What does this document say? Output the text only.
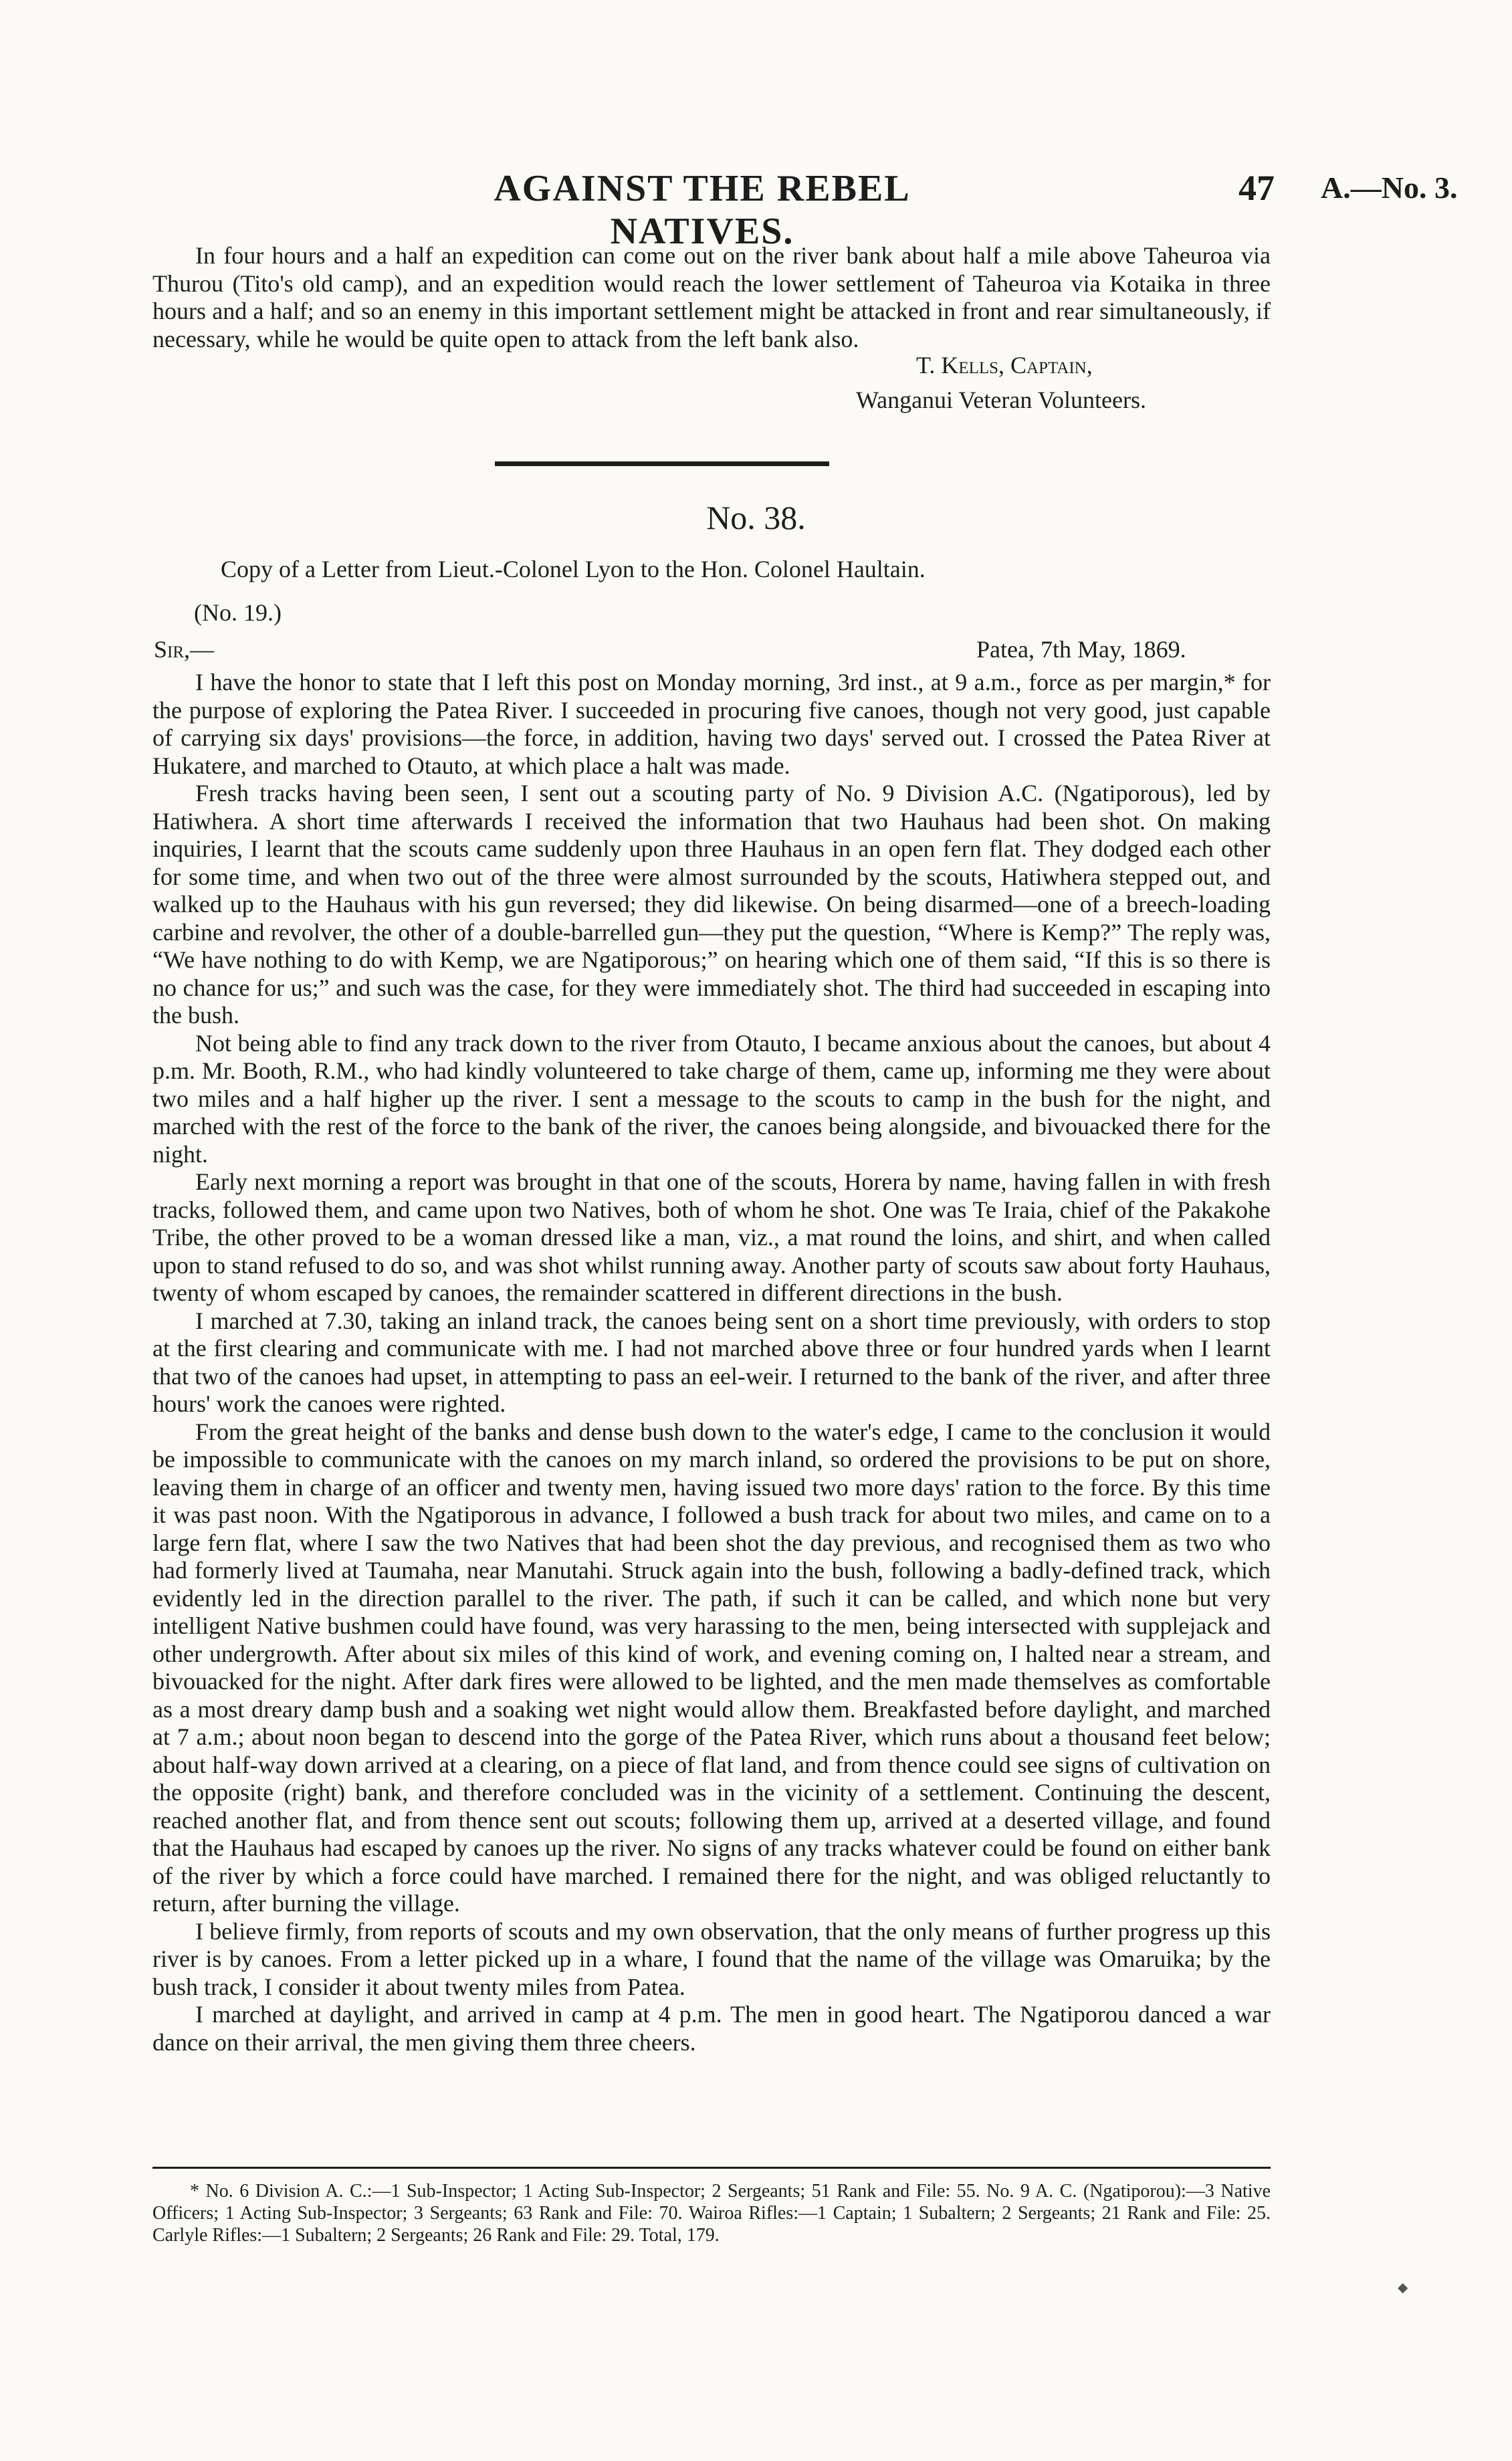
AGAINST THE REBEL NATIVES.
47 A.—No. 3.

In four hours and a half an expedition can come out on the river bank about half a mile above Taheuroa via Thurou (Tito's old camp), and an expedition would reach the lower settlement of Taheuroa via Kotaika in three hours and a half; and so an enemy in this important settlement might be attacked in front and rear simultaneously, if necessary, while he would be quite open to attack from the left bank also.

T. Kells, Captain,
Wanganui Veteran Volunteers.
No. 38.
Copy of a Letter from Lieut.-Colonel Lyon to the Hon. Colonel Haultain.
(No. 19.)
Sir,—	Patea, 7th May, 1869.

I have the honor to state that I left this post on Monday morning, 3rd inst., at 9 a.m., force as per margin,* for the purpose of exploring the Patea River. I succeeded in procuring five canoes, though not very good, just capable of carrying six days' provisions—the force, in addition, having two days' served out. I crossed the Patea River at Hukatere, and marched to Otauto, at which place a halt was made.

Fresh tracks having been seen, I sent out a scouting party of No. 9 Division A.C. (Ngatiporous), led by Hatiwhera. A short time afterwards I received the information that two Hauhaus had been shot. On making inquiries, I learnt that the scouts came suddenly upon three Hauhaus in an open fern flat. They dodged each other for some time, and when two out of the three were almost surrounded by the scouts, Hatiwhera stepped out, and walked up to the Hauhaus with his gun reversed; they did likewise. On being disarmed—one of a breech-loading carbine and revolver, the other of a double-barrelled gun—they put the question, “Where is Kemp?” The reply was, “We have nothing to do with Kemp, we are Ngatiporous;” on hearing which one of them said, “If this is so there is no chance for us;” and such was the case, for they were immediately shot. The third had succeeded in escaping into the bush.

Not being able to find any track down to the river from Otauto, I became anxious about the canoes, but about 4 p.m. Mr. Booth, R.M., who had kindly volunteered to take charge of them, came up, informing me they were about two miles and a half higher up the river. I sent a message to the scouts to camp in the bush for the night, and marched with the rest of the force to the bank of the river, the canoes being alongside, and bivouacked there for the night.

Early next morning a report was brought in that one of the scouts, Horera by name, having fallen in with fresh tracks, followed them, and came upon two Natives, both of whom he shot. One was Te Iraia, chief of the Pakakohe Tribe, the other proved to be a woman dressed like a man, viz., a mat round the loins, and shirt, and when called upon to stand refused to do so, and was shot whilst running away. Another party of scouts saw about forty Hauhaus, twenty of whom escaped by canoes, the remainder scattered in different directions in the bush.

I marched at 7.30, taking an inland track, the canoes being sent on a short time previously, with orders to stop at the first clearing and communicate with me. I had not marched above three or four hundred yards when I learnt that two of the canoes had upset, in attempting to pass an eel-weir. I returned to the bank of the river, and after three hours' work the canoes were righted.

From the great height of the banks and dense bush down to the water's edge, I came to the conclusion it would be impossible to communicate with the canoes on my march inland, so ordered the provisions to be put on shore, leaving them in charge of an officer and twenty men, having issued two more days' ration to the force. By this time it was past noon. With the Ngatiporous in advance, I followed a bush track for about two miles, and came on to a large fern flat, where I saw the two Natives that had been shot the day previous, and recognised them as two who had formerly lived at Taumaha, near Manutahi. Struck again into the bush, following a badly-defined track, which evidently led in the direction parallel to the river. The path, if such it can be called, and which none but very intelligent Native bushmen could have found, was very harassing to the men, being intersected with supplejack and other undergrowth. After about six miles of this kind of work, and evening coming on, I halted near a stream, and bivouacked for the night. After dark fires were allowed to be lighted, and the men made themselves as comfortable as a most dreary damp bush and a soaking wet night would allow them. Breakfasted before daylight, and marched at 7 a.m.; about noon began to descend into the gorge of the Patea River, which runs about a thousand feet below; about half-way down arrived at a clearing, on a piece of flat land, and from thence could see signs of cultivation on the opposite (right) bank, and therefore concluded was in the vicinity of a settlement. Continuing the descent, reached another flat, and from thence sent out scouts; following them up, arrived at a deserted village, and found that the Hauhaus had escaped by canoes up the river. No signs of any tracks whatever could be found on either bank of the river by which a force could have marched. I remained there for the night, and was obliged reluctantly to return, after burning the village.

I believe firmly, from reports of scouts and my own observation, that the only means of further progress up this river is by canoes. From a letter picked up in a whare, I found that the name of the village was Omaruika; by the bush track, I consider it about twenty miles from Patea.

I marched at daylight, and arrived in camp at 4 p.m. The men in good heart. The Ngatiporou danced a war dance on their arrival, the men giving them three cheers.

* No. 6 Division A. C.:—1 Sub-Inspector; 1 Acting Sub-Inspector; 2 Sergeants; 51 Rank and File: 55. No. 9 A. C. (Ngatiporou):—3 Native Officers; 1 Acting Sub-Inspector; 3 Sergeants; 63 Rank and File: 70. Wairoa Rifles:—1 Captain; 1 Subaltern; 2 Sergeants; 21 Rank and File: 25. Carlyle Rifles:—1 Subaltern; 2 Sergeants; 26 Rank and File: 29. Total, 179.

◆
